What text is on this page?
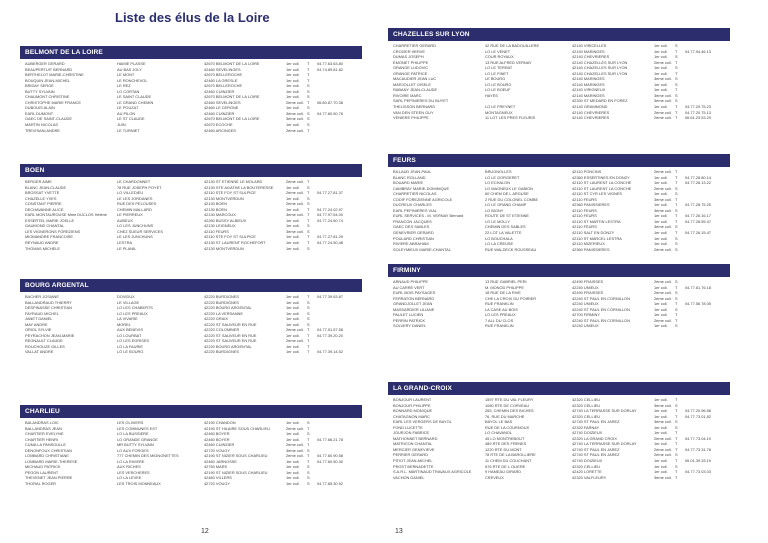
Liste des élus de la Loire
BELMONT DE LA LOIRE
AUBERGER GERARD	HAMIE PLASSE	42670 BELMONT DE LA LOIRE	1er coll.	T	04.77.63.63.80
BEAUPERTUIT BERNARD	AU BAS JOLY	42460 SEVELINGES	1er coll.	T	04.74.89.81.82
BERTHELOT MARIE-CHRISTINE	LE MONT	42670 BELLEROCHE	1er coll.	T
BOUQUIN JEAN-MICHEL	LE RONCHEVOL	42460 LA GRESLE	1er coll.	T
BRIDAY SERGE	LE REZ	42670 BELLEROCHE	1er coll.	S
BUTTY SYLVAIN	LO CORTAN	42460 CUINZIER	1er coll.	S
CHAUMONT CHRISTINE	LE SAINT CLAUDE	42670 BELMONT DE LA LOIRE	1er coll.	S
CHRISTOPHE MARIE FRANCE	LE GRAND CHEMIN	42460 SEVELINGES	2ème coll. T	06.80.87.70.38
DUBOUIS ALAIN	LE POUZAT	42460 LE CERGNE	1er coll.	S
EARL DUMONT	AU PILON	42460 CUINZIER	3ème coll. S	04.77.60.50.78
GAEC DE SAINT-CLAUDE	LE ST CLAUDE	42670 BELMONT DE LA LOIRE	3ème coll. S
MARTIN NICOLAS	JUIN	42670 ECOCHE	1er coll.	S
TREVISANI ANDRE	LE TURNIET	42460 ARCINGES	2ème coll. T
BOEN
BERGER AIME	LE CHARDONNET	42130 ST ETIENNE LE MOLARD	2ème coll. T
BLANC JEAN-CLAUDE	78 RUE JOSEPH POYET	42130 STE AGATHE LA BOUTERESSE	1er coll.	S
BROSSAT YVETTE	LO VILLEDIEU	42110 STE FOY ST SULPICE	2ème coll. T	04.77.27.81.37
CHAZELLE YVES	LE LES JORDANES	42130 MONTVERDUN	1er coll.	S
CONSTANT PIERRE	RUE DES PELOUSES	42130 BOEN	2ème coll. S
DECHAVANNE ALICE	CHEMIN MALLARD	42130 BOEN	1er coll.	T	04.77.24.02.97
EARL MONTAUROUSE Mme DUCLOS Hélène	LE PIERREUX	42130 MARCOUX	3ème coll. T	04.77.97.54.00
ESSERTEL MARIE JOELLE	AUBEUX	42260 BUSSY ALBIEUX	1er coll.	T	04.77.24.60.74
GAUMOND CHANTAL	LO LES JUNCHUNS	42130 LEIGNEUX	1er coll.	S
LES VIGNERONS FOREZIENS	CHEZ SUEUR SERVICES	42110 FEURS	3ème coll. S
MIOMANDRE FRANCOISE	LE LES JUNCHUNS	42110 STE FOY ST SULPICE	1er coll.	T	04.77.27.81.29
REYNAUD ANDRE	LESTRA	42130 ST LAURENT ROCHEFORT	1er coll.	T	04.77.24.50.48
THOMAS MICHELE	LE PLANIL	42130 MONTVERDUN	1er coll.	S
BOURG ARGENTAL
BACHER JOSIANE	DOVIDUX	42220 BURDIGNES	1er coll.	T	04.77.39.63.87
BALLANDRAUD THIERRY	LE VILLAGE	42220 BURDIGNES	1er coll.	S
DESPINASSE CHRISTIAN	LO LES CHABERTS	42220 BOURG ARGENTAL	1er coll.	S
FAYRAUD MICHEL	LO LES PREAUX	42220 LA VERSANNE	1er coll.	S
JANET DANIEL	LA VIVARIE	42220 GRAIX	1er coll.	S
MAY ANDRE	MOREL	42220 ST SAUVEUR EN RUE	1er coll.	S
ORIOL SYLVIE	AUX BENEVIS	42220 COLOMBIER	2ème coll. T	04.77.51.57.58
PEYRACHON JEAN-MARIE	LO LOURBAT	42220 ST SAUVEUR EN RUE	1er coll.	T	04.77.39.20.20
REGNAULT CLAUDE	LO LES EGRISES	42220 ST SAUVEUR EN RUE	2ème coll. T
ROUCHOUZE GILLES	LO LA FAURIE	42220 BOURG ARGENTAL	1er coll.	T
VALLAT ANDRE	LO LE BOURG	42220 BURDIGNES	1er coll.	T	04.77.39.14.52
CHARLIEU
BALANDRAS LOIC	LES OLIVIERS	42190 CHANDON	1er coll.	S
BALLANDRAS JEAN	LES COMMUNES EST	42190 ST HILAIRE SOUS CHARLIEU	2ème coll. T
CHARTIER EVELYNE	LO LA BUSSIERE	42460 BOYER	1er coll.	S
CHARTIER HENRI	LO GRANDE GRANGE	42460 BOYER	1er coll.	T	04.77.66.21.78
CUMA LA PANSOULLE	MR BUTTY SYLVAIN	42460 CUINZIER	2ème coll. T
DENONFOUX CHRISTIAN	LO AUX FORGES	42720 VOUGY	3ème coll. S
LOMBARD CHRISTIANE	777 CHEMIN DES MIGNONETTES	42190 ST NIZIER SOUS CHARLIEU	2ème coll. T	04.77.60.90.58
LOMBARD MARIE-THERESE	LO LA RIVIERE	42460 JARNOSSE	1er coll.	T	04.77.60.50.30
MICHAUD PATRICK	AUX RICHES	42750 MARS	1er coll.	S
PEGON LAURENT	LES VERCHERES	42190 ST NIZIER SOUS CHARLIEU	1er coll.	S
THEVENET JEAN PIERRE	LO LA LEVEE	42460 VILLERS	1er coll.	S
THORAL ROGER	LES TROIS MONNEAUX	42720 VOUGY	1er coll.	S	04.77.65.30.92
12
CHAZELLES SUR LYON
CHARRETIER GERARD	42 RUE DE LA BADOUILLERE	42140 VIRICELLES	1er coll.	S
CROZIER HERVE	LO LE VENET	42140 MARINGES	1er coll.	T	04.77.94.46.13
DUMAS JOSEPH	COUR ROYAUX	42140 CHEVRIERES	1er coll.	S
EMONET PHILIPPE	13 RUE ALFRED VERNAY	42140 CHAZELLES SUR LYON	2ème coll. T
GRANGE LUDOVIC	LO LE TERRAT	42140 CHAZELLES SUR LYON	1er coll.	S
GRANGE PATRICE	LO LE FINET	42140 CHAZELLES SUR LYON	1er coll.	T
MACAUDIER JEAN LUC	LE BOURG	42140 MARINGES	3ème coll. S
MARJOLLET GISELE	LO LE BOURG	42140 MARINGES	1er coll.	S
RABANY JEAN-CLAUDE	LO LE BOEUF	42140 VIRIGNEUX	1er coll.	T
RIVOIRE MARC	HAYES	42140 MARINGES	3ème coll. S
SARL PEPINIERES DU BUYET	42330 ST MEDARD EN FOREZ	3ème coll. S
THELISSON BERNARD	LO LE FREYNET	42140 GRAMMOND	1er coll.	T	04.77.20.75.23
VAN DEN STEEN GUY	MONTAGNEUX	42140 CHEVRIERES	2ème coll. T	04.77.20.75.13
VENIERE PHILIPPE	11 LOT LES PRES FLEURIS	42140 CHEVRIERES	2ème coll. T	06.61.23.53.29
FEURS
BILLAUD JEAN-PAUL	BRUGNOLLES	42110 PONCINS	2ème coll. T
BLANC ROLLAND	LO LE GORGERET	42360 ESSERTINES EN DONZY	1er coll.	T	04.77.28.80.14
BOUARD MARIE	LO ECHALON	42110 ST LAURENT LA CONCHE	1er coll.	T	04.77.26.13.22
CAMBRAY MARIE-DOMINIQUE	LO MAGNEUX LE GABION	42110 ST LAURENT LA CONCHE	2ème coll. S
CHARRETIER NICOLAS	60 CHEM DE L ARGUSE	42110 ST CYR LES VIGNES	1er coll.	S
CODIF FOREZIENNE AGRICOLE	2 RUE DU COLONEL COMBE	42110 FEURS	3ème coll. T
DUCREUX CHARLES	LO LE GRAND CHAMP	42360 PANISSIERES	1er coll.	T	04.77.28.75.25
EARL PEPINIERES VIAL	LO BIGNY	42110 FEURS	3ème coll. S
EURL SERVICES - M. VERNAY Bernard	ROUTE DE ST ETIENNE	42110 FEURS	1er coll.	T	04.77.26.16.17
FRANCON JACQUES	LO LE MOLLY	42110 ST MARTIN LESTRA	1er coll.	T	04.77.28.55.47
GAEC DES SABLES	CHEMIN DES SABLES	42110 FEURS	3ème coll. S
GENEVRIER GERARD	22 LOT LA VALETTE	42110 SALT EN DONZY	1er coll.	T	04.77.26.15.47
POULARD CHRISTIAN	LO BOUCHALA	42110 ST MARCEL LESTRA	1er coll.	S
RIVIERE ABRAHAM	LO LA CREUSE	42110 MIZERIEUX	1er coll.	S
SOLEYMIEUX MARIE-CHANTAL	RUE WALDECK ROUSSEAU	42360 PANISSIERES	2ème coll. S
FIRMINY
ARNAUD PHILIPPE	13 RUE GABRIEL PERI	42490 FRAISSES	2ème coll. S
AU CARRE VERT	M. MONOD PHILIPPE	42240 UNIEUX	1er coll.	T	04.77.61.76.18
EURL BOIS PAYSAGES	18 RUE DE LA RIVE	42490 FRAISSES	2ème coll. S
FERRATON BERNARD	CHE LA CROIX DU POIRIER	42240 ST PAUL EN CORNILLON	2ème coll. S
GRANDJOLLET JEAN	RUE FRANKLIN	42240 UNIEUX	1er coll.	T	04.77.56.78.05
MASSARDIER LILIANE	LA CASE AU BOIS	42240 ST PAUL EN CORNILLON	1er coll.	S
PAULET LUCIEN	LO LES PREAUX	42700 FIRMINY	1er coll.	T
PERRIN PATRICK	7 ALL DU CLOS	42240 ST PAUL EN CORNILLON	2ème coll. T
SOLVERY DANIEL	RUE FRANKLIN	42240 UNIEUX	1er coll.	S
LA GRAND-CROIX
BONJOUR LAURENT	1597 RTE DU VAL FLEURY	42320 CELLIEU	1er coll.	T
BONJOUR PHILIPPE	1080 RTE DE CORVEAU	42320 CELLIEU	3ème coll. S
BONNARD MONIQUE	265, CHEMIN DES BICHES	42740 LA TERRASSE SUR DORLAY	1er coll.	T	04.77.20.96.56
CHATAGNON MARC	76, RUE DU MARCHE	42320 CELLIEU	1er coll.	T	04.77.73.01.82
EARL LES VERGERS DE BAYOL	BAYOL LE BAS	42740 ST PAUL EN JAREZ	3ème coll. S
FOND LUCETTE	RUE DE LA COURNOUX	42320 FARNAY	1er coll.	S
JOURJON FABRICE	LO CHAVANOL	42740 DOIZIEUX	1er coll.	T
MATHONNET BERNARD	45 LO MONTREBOUT	42320 LA GRAND CROIX	2ème coll. T	04.77.73.04.19
MATRICON CHANTAL	489 RTE DES FRENES	42740 LA TERRASSE SUR DORLAY	1er coll.	T
MERCIER GENEVIEVE	1220 RTE DU MONT	42740 ST PAUL EN JAREZ	2ème coll. T	04.77.73.31.78
PERRIER GERARD	78 RTE DE LA BAROLLIERE	42740 ST PAUL EN JAREZ	2ème coll. S
PITIOT JEAN-MICHEL	11 CHEM DU COUCHANT	42740 DOIZIEUX	1er coll.	T	06.01.39.33.19
PROST BERNADETTE	576 RTE DE L OLIERE	42320 CELLIEU	1er coll.	S
S.A.R.L. MARTINAUD TRAVAUX AGRICOLE	9 HAMEAU GIRARD	42420 LORETTE	1er coll.	T	04.77.73.03.03
VACHON DANIEL	CREVEUX	42320 VALFLEURY	3ème coll. T
13
